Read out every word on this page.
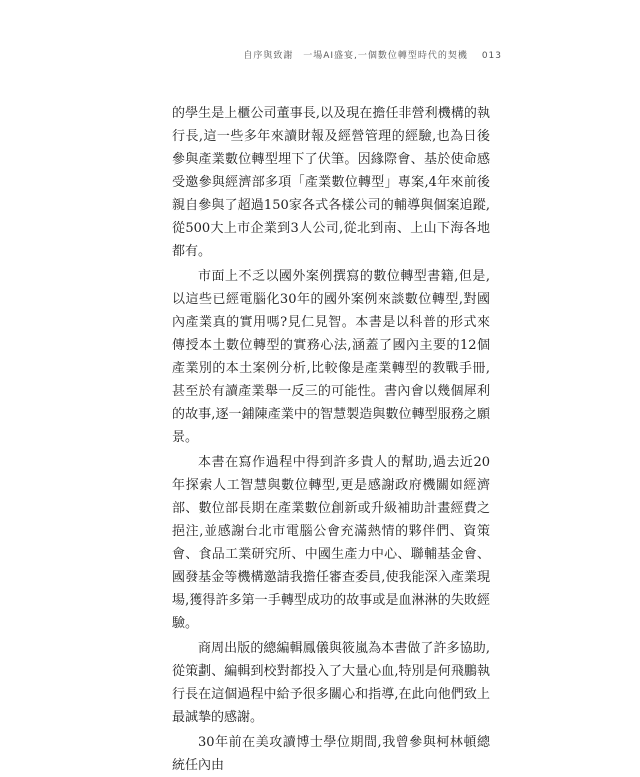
自序與致謝 一場AI盛宴,一個數位轉型時代的契機 013

的學生是上櫃公司董事長,以及現在擔任非營利機構的執行長,這一些多年來讀財報及經營管理的經驗,也為日後參與產業數位轉型埋下了伏筆。因緣際會、基於使命感受邀參與經濟部多項「產業數位轉型」專案,4年來前後親自參與了超過150家各式各樣公司的輔導與個案追蹤,從500大上市企業到3人公司,從北到南、上山下海各地都有。

市面上不乏以國外案例撰寫的數位轉型書籍,但是,以這些已經電腦化30年的國外案例來談數位轉型,對國內產業真的實用嗎?見仁見智。本書是以科普的形式來傳授本土數位轉型的實務心法,涵蓋了國內主要的12個產業別的本土案例分析,比較像是產業轉型的教戰手冊,甚至於有讀產業舉一反三的可能性。書內會以幾個犀利的故事,逐一鋪陳產業中的智慧製造與數位轉型服務之願景。

本書在寫作過程中得到許多貴人的幫助,過去近20年探索人工智慧與數位轉型,更是感謝政府機關如經濟部、數位部長期在產業數位創新或升級補助計畫經費之挹注,並感謝台北市電腦公會充滿熱情的夥伴們、資策會、食品工業研究所、中國生產力中心、聯輔基金會、國發基金等機構邀請我擔任審查委員,使我能深入產業現場,獲得許多第一手轉型成功的故事或是血淋淋的失敗經驗。

商周出版的總編輯鳳儀與筱嵐為本書做了許多協助,從策劃、編輯到校對都投入了大量心血,特別是何飛鵬執行長在這個過程中給予很多關心和指導,在此向他們致上最誠摯的感謝。

30年前在美攻讀博士學位期間,我曾參與柯林頓總統任內由
